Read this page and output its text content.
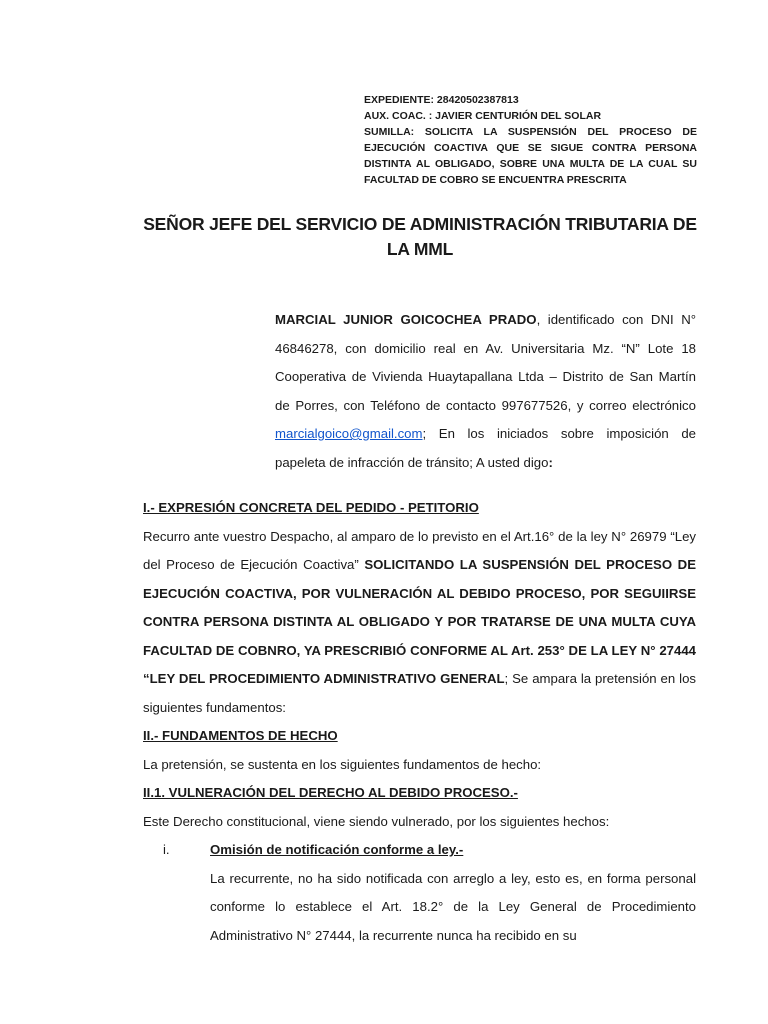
EXPEDIENTE: 28420502387813
AUX. COAC. : JAVIER CENTURIÓN DEL SOLAR
SUMILLA: SOLICITA LA SUSPENSIÓN DEL PROCESO DE EJECUCIÓN COACTIVA QUE SE SIGUE CONTRA PERSONA DISTINTA AL OBLIGADO, SOBRE UNA MULTA DE LA CUAL SU FACULTAD DE COBRO SE ENCUENTRA PRESCRITA
SEÑOR JEFE DEL SERVICIO DE ADMINISTRACIÓN TRIBUTARIA DE LA MML
MARCIAL JUNIOR GOICOCHEA PRADO, identificado con DNI N° 46846278, con domicilio real en Av. Universitaria Mz. “N” Lote 18 Cooperativa de Vivienda Huaytapallana Ltda – Distrito de San Martín de Porres, con Teléfono de contacto 997677526, y correo electrónico marcialgoico@gmail.com; En los iniciados sobre imposición de papeleta de infracción de tránsito; A usted digo:
I.- EXPRESIÓN CONCRETA DEL PEDIDO - PETITORIO
Recurro ante vuestro Despacho, al amparo de lo previsto en el Art.16° de la ley N° 26979 “Ley del Proceso de Ejecución Coactiva” SOLICITANDO LA SUSPENSIÓN DEL PROCESO DE EJECUCIÓN COACTIVA, POR VULNERACIÓN AL DEBIDO PROCESO, POR SEGUIIRSE CONTRA PERSONA DISTINTA AL OBLIGADO Y POR TRATARSE DE UNA MULTA CUYA FACULTAD DE COBNRO, YA PRESCRIBIÓ CONFORME AL Art. 253° DE LA LEY N° 27444 “LEY DEL PROCEDIMIENTO ADMINISTRATIVO GENERAL; Se ampara la pretensión en los siguientes fundamentos:
II.- FUNDAMENTOS DE HECHO
La pretensión, se sustenta en los siguientes fundamentos de hecho:
II.1. VULNERACIÓN DEL DERECHO AL DEBIDO PROCESO.-
Este Derecho constitucional, viene siendo vulnerado, por los siguientes hechos:
i.	Omisión de notificación conforme a ley.-
La recurrente, no ha sido notificada con arreglo a ley, esto es, en forma personal conforme lo establece el Art. 18.2° de la Ley General de Procedimiento Administrativo N° 27444, la recurrente nunca ha recibido en su
